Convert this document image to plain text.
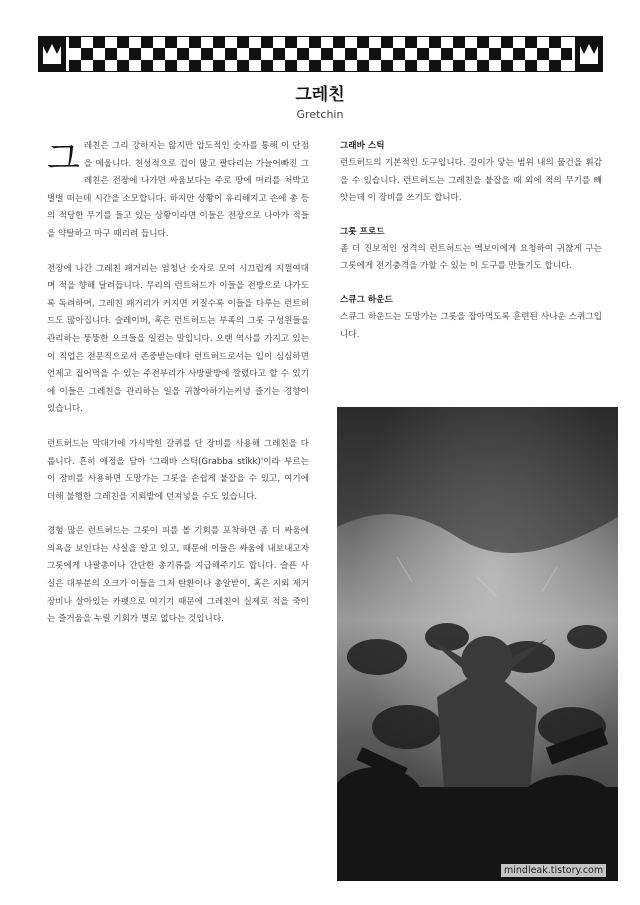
그레친
Gretchin
그 레친은 그리 강하지는 않지만 압도적인 숫자를 통해 이 단점을 메웁니다. 천성적으로 겁이 많고 팔다리는 가늘어빠진 그레친은 전장에 나가면 싸움보다는 주로 땅에 머리를 처박고 벌벌 떠는데 시간을 소모합니다. 하지만 상황이 유리해지고 손에 총 등의 적당한 무기를 들고 있는 상황이라면 이들은 전장으로 나아가 적들을 약탈하고 마구 때리려 듭니다.

전장에 나간 그레친 패거리는 엄청난 숫자로 모여 시끄럽게 지껄여대며 적을 향해 달려듭니다. 무리의 런트허드가 이들을 전방으로 나가도록 독려하며, 그레친 패거리가 커지면 커질수록 이들을 다루는 런트허드도 많아집니다. 슬레이버, 혹은 런트허드는 부족의 그롯 구성원들을 관리하는 뚱뚱한 오크들을 일컫는 말입니다. 오랜 역사를 가지고 있는 이 직업은 전문직으로서 존중받는데다 런트허드로서는 입이 심심하면 언제고 집어먹을 수 있는 주전부리가 사방팔방에 깔렸다고 할 수 있기에 이들은 그레친을 관리하는 일을 귀찮아하기는커녕 즐기는 경향이 있습니다.

런트허드는 막대기에 가시박힌 갈퀴를 단 장비를 사용해 그레친을 다룹니다. 흔히 애정을 담아 '그래바 스틱(Grabba stikk)'이라 부르는 이 장비를 사용하면 도망가는 그롯을 손쉽게 붙잡을 수 있고, 여기에 더해 불행한 그레친을 지뢰밭에 던져넣을 수도 있습니다.

경험 많은 런트허드는 그롯이 피를 볼 기회를 포착하면 좀 더 싸움에 의욕을 보인다는 사실을 알고 있고, 때문에 이들은 싸움에 내보내고자 그롯에게 나팔총이나 간단한 총기류를 지급해주기도 합니다. 슬픈 사실은 대부분의 오크가 이들을 그저 탄환이나 총알받이, 혹은 지뢰 제거장비나 살아있는 카펫으로 여기기 때문에 그레친이 실제로 적을 죽이는 즐거움을 누릴 기회가 별로 없다는 것입니다.

그래바 스틱

런트허드의 기본적인 도구입니다. 길이가 닿는 범위 내의 물건을 휘감을 수 있습니다. 런트허드는 그레친을 붙잡을 때 외에 적의 무기를 빼앗는데 이 장비를 쓰기도 합니다.

그롯 프로드

좀 더 진보적인 성격의 런트허드는 멕보이에게 요청하여 귀찮게 구는 그롯에게 전기충격을 가할 수 있는 이 도구를 만들기도 합니다.

스큐그 하운드

스큐그 하운드는 도망가는 그롯을 잡아먹도록 훈련된 사나운 스퀴그입니다.

mindleak.tistory.com
